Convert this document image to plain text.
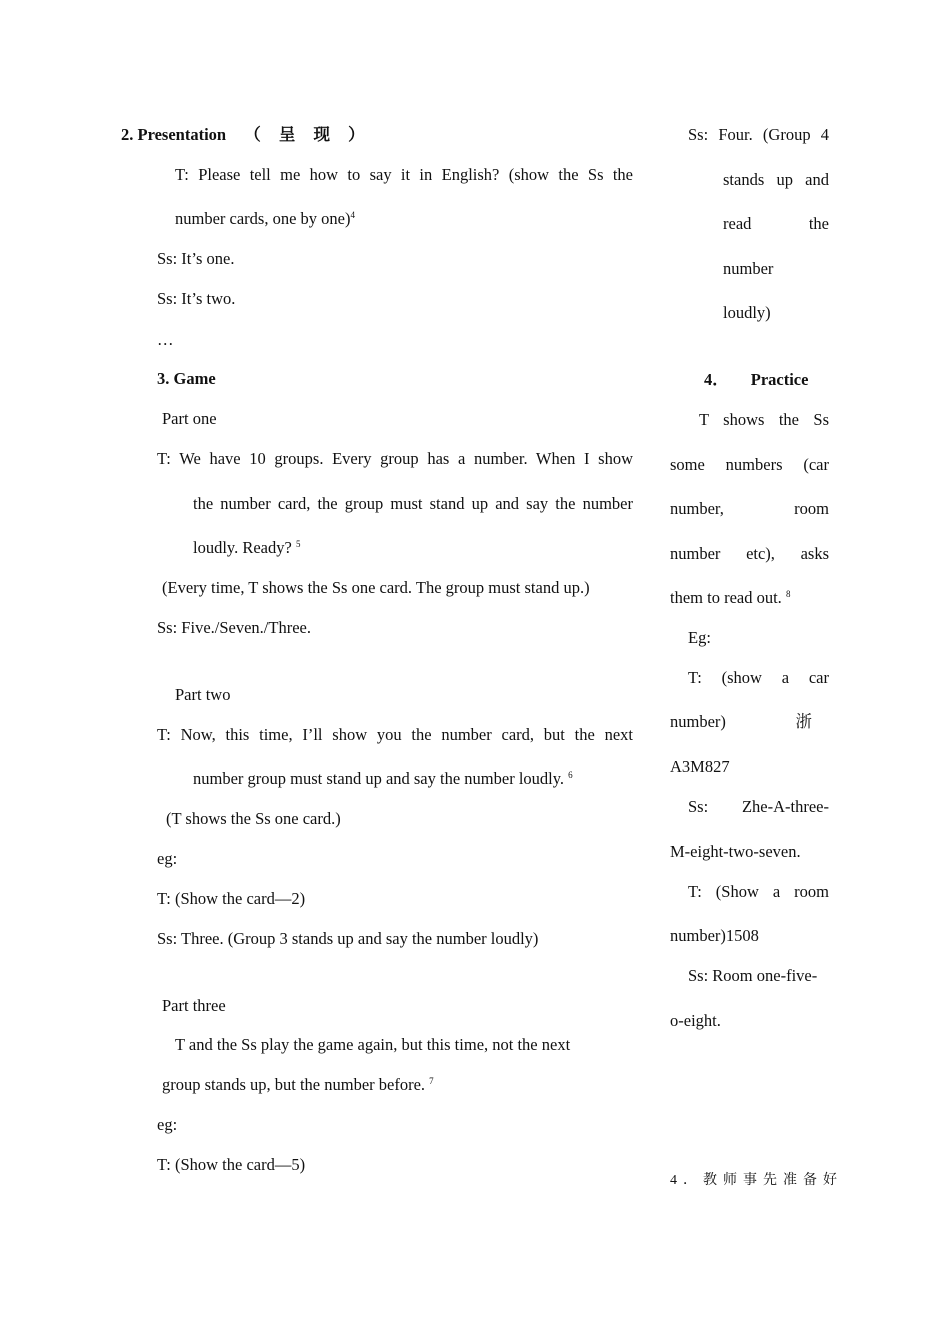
2. Presentation （ 呈 现 ）
T: Please tell me how to say it in English? (show the Ss the
number cards, one by one)$^4$
Ss: It’s one.
Ss: It’s two.
…
3. Game
Part one
T: We have 10 groups. Every group has a number. When I show
the number card, the group must stand up and say the number
loudly. Ready? $^5$
(Every time, T shows the Ss one card. The group must stand up.)
Ss: Five./Seven./Three.
Part two
T: Now, this time, I’ll show you the number card, but the next
number group must stand up and say the number loudly. $^6$
(T shows the Ss one card.)
eg:
T: (Show the card—2)
Ss: Three. (Group 3 stands up and say the number loudly)
Part three
T and the Ss play the game again, but this time, not the next
group stands up, but the number before. $^7$
eg:
T: (Show the card—5)
Ss: Four. (Group 4
stands up and
read the
number
loudly)
4． Practice
T shows the Ss
some numbers (car
number, room
number etc), asks
them to read out. $^8$
Eg:
T: (show a car
number) 浙
A3M827
Ss: Zhe-A-three-
M-eight-two-seven.
T: (Show a room
number)1508
Ss: Room one-five-
o-eight.
4．教师事先准备好
